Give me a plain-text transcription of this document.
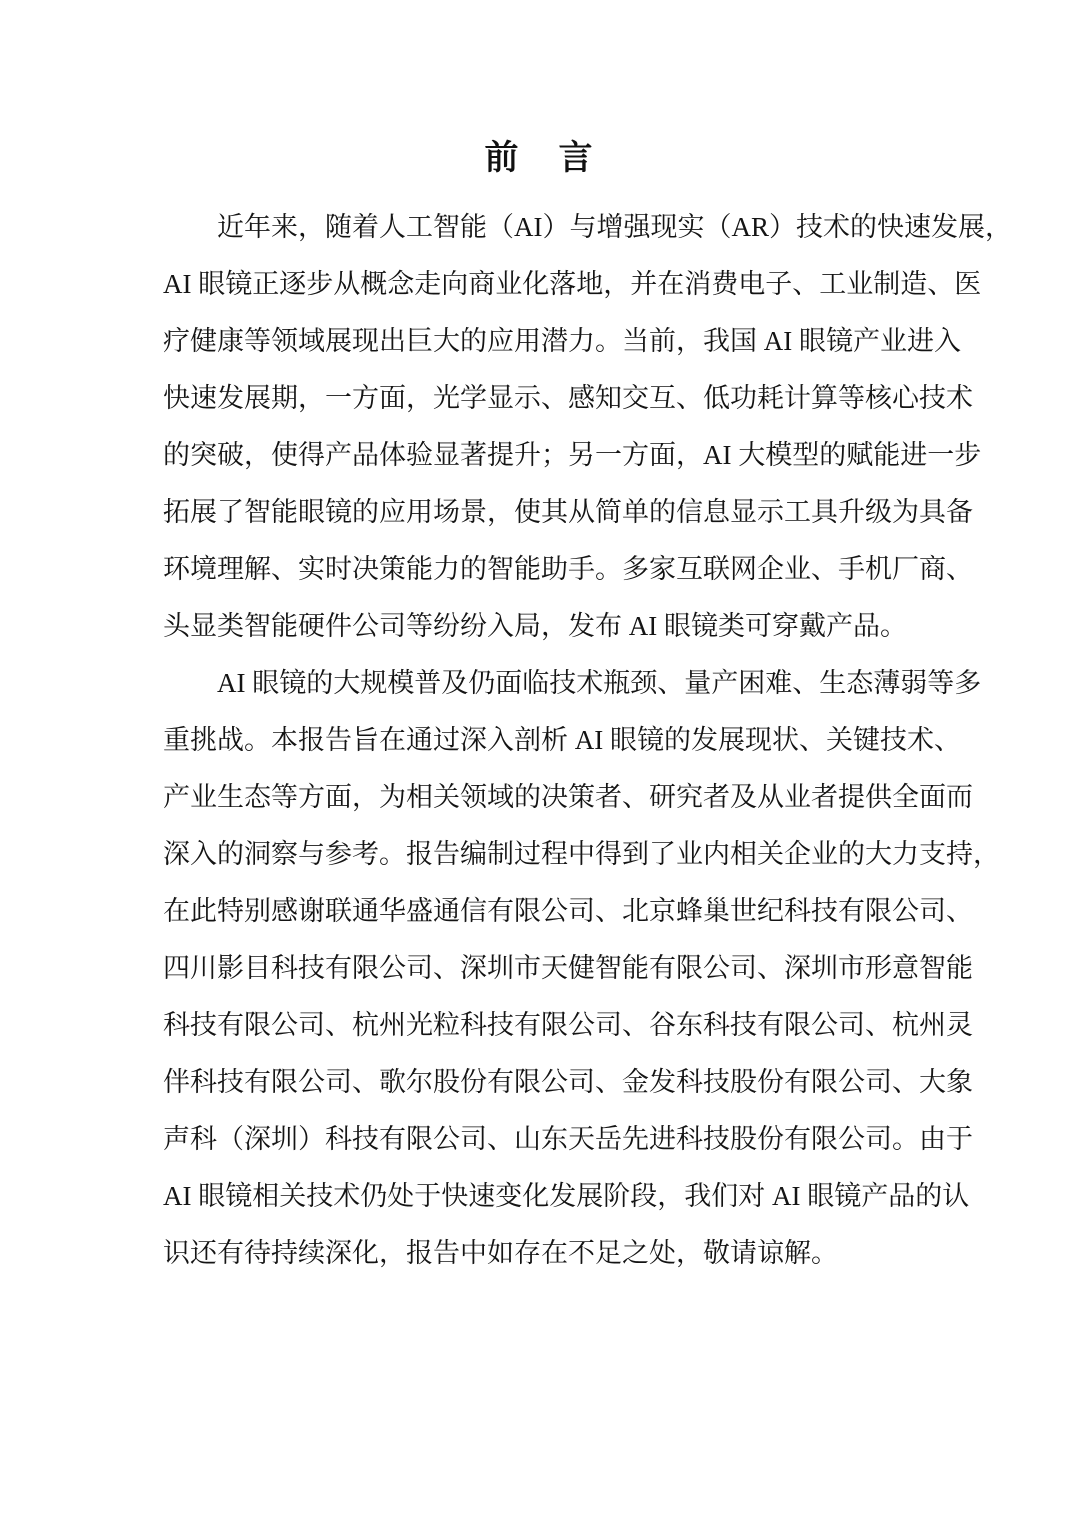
前　言
近年来，随着人工智能（AI）与增强现实（AR）技术的快速发展，
AI 眼镜正逐步从概念走向商业化落地，并在消费电子、工业制造、医
疗健康等领域展现出巨大的应用潜力。当前，我国 AI 眼镜产业进入
快速发展期，一方面，光学显示、感知交互、低功耗计算等核心技术
的突破，使得产品体验显著提升；另一方面，AI 大模型的赋能进一步
拓展了智能眼镜的应用场景，使其从简单的信息显示工具升级为具备
环境理解、实时决策能力的智能助手。多家互联网企业、手机厂商、
头显类智能硬件公司等纷纷入局，发布 AI 眼镜类可穿戴产品。
AI 眼镜的大规模普及仍面临技术瓶颈、量产困难、生态薄弱等多
重挑战。本报告旨在通过深入剖析 AI 眼镜的发展现状、关键技术、
产业生态等方面，为相关领域的决策者、研究者及从业者提供全面而
深入的洞察与参考。报告编制过程中得到了业内相关企业的大力支持，
在此特别感谢联通华盛通信有限公司、北京蜂巢世纪科技有限公司、
四川影目科技有限公司、深圳市天健智能有限公司、深圳市形意智能
科技有限公司、杭州光粒科技有限公司、谷东科技有限公司、杭州灵
伴科技有限公司、歌尔股份有限公司、金发科技股份有限公司、大象
声科（深圳）科技有限公司、山东天岳先进科技股份有限公司。由于
AI 眼镜相关技术仍处于快速变化发展阶段，我们对 AI 眼镜产品的认
识还有待持续深化，报告中如存在不足之处，敬请谅解。
